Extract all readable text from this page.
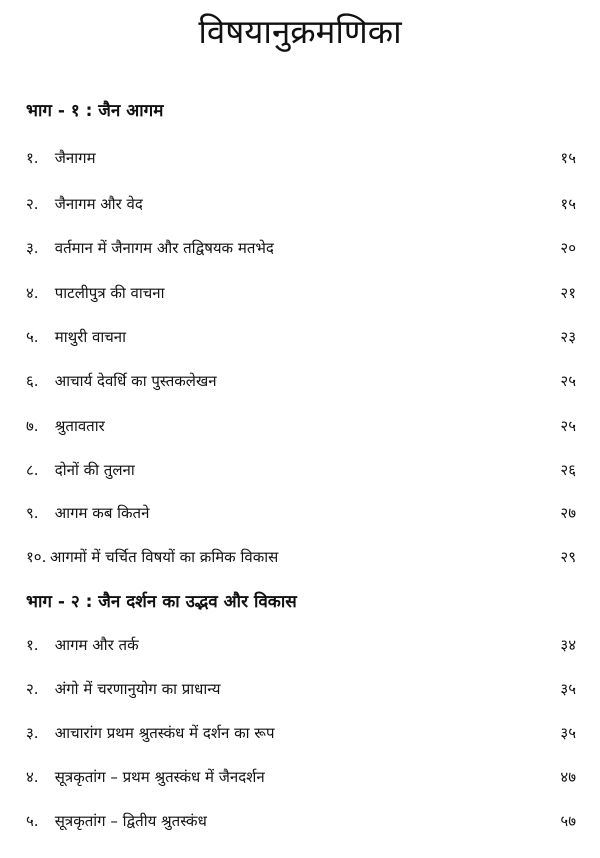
विषयानुक्रमणिका
भाग - १ : जैन आगम
१. जैनागम	१५
२. जैनागम और वेद	१५
३. वर्तमान में जैनागम और तद्विषयक मतभेद	२०
४. पाटलीपुत्र की वाचना	२१
५. माथुरी वाचना	२३
६. आचार्य देवर्धि का पुस्तकलेखन	२५
७. श्रुतावतार	२५
८. दोनों की तुलना	२६
९. आगम कब कितने	२७
१०. आगमों में चर्चित विषयों का क्रमिक विकास	२९
भाग - २ : जैन दर्शन का उद्भव और विकास
१. आगम और तर्क	३४
२. अंगो में चरणानुयोग का प्राधान्य	३५
३. आचारांग प्रथम श्रुतस्कंध में दर्शन का रूप	३५
४. सूत्रकृतांग – प्रथम श्रुतस्कंध में जैनदर्शन	४७
५. सूत्रकृतांग – द्वितीय श्रुतस्कंध	५७
